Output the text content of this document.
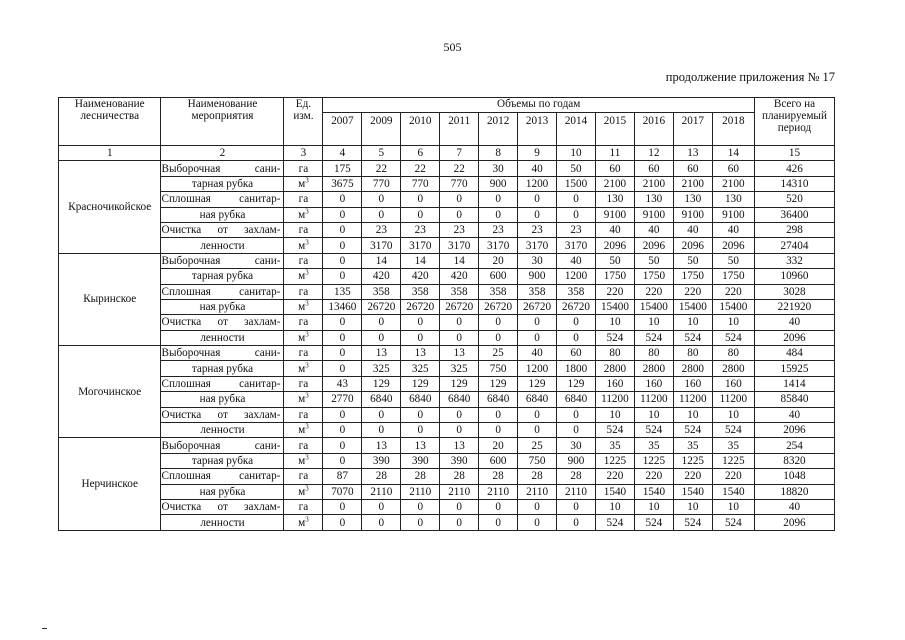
505
продолжение приложения № 17
Наименование лесничества	Наименование мероприятия	Ед. изм.	Объемы по годам											Всего на планируемый период
			2007	2009	2010	2011	2012	2013	2014	2015	2016	2017	2018	
1	2	3	4	5	6	7	8	9	10	11	12	13	14	15
Красночикойское	Выборочная сани-	га	175	22	22	22	30	40	50	60	60	60	60	426
	тарная рубка	$м^3$	3675	770	770	770	900	1200	1500	2100	2100	2100	2100	14310
	Сплошная санитар-	га	0	0	0	0	0	0	0	130	130	130	130	520
	ная рубка	$м^3$	0	0	0	0	0	0	0	9100	9100	9100	9100	36400
	Очистка от захлам-	га	0	23	23	23	23	23	23	40	40	40	40	298
	ленности	$м^3$	0	3170	3170	3170	3170	3170	3170	2096	2096	2096	2096	27404
Кыринское	Выборочная сани-	га	0	14	14	14	20	30	40	50	50	50	50	332
	тарная рубка	$м^3$	0	420	420	420	600	900	1200	1750	1750	1750	1750	10960
	Сплошная санитар-	га	135	358	358	358	358	358	358	220	220	220	220	3028
	ная рубка	$м^3$	13460	26720	26720	26720	26720	26720	26720	15400	15400	15400	15400	221920
	Очистка от захлам-	га	0	0	0	0	0	0	0	10	10	10	10	40
	ленности	$м^3$	0	0	0	0	0	0	0	524	524	524	524	2096
Могочинское	Выборочная сани-	га	0	13	13	13	25	40	60	80	80	80	80	484
	тарная рубка	$м^3$	0	325	325	325	750	1200	1800	2800	2800	2800	2800	15925
	Сплошная санитар-	га	43	129	129	129	129	129	129	160	160	160	160	1414
	ная рубка	$м^3$	2770	6840	6840	6840	6840	6840	6840	11200	11200	11200	11200	85840
	Очистка от захлам-	га	0	0	0	0	0	0	0	10	10	10	10	40
	ленности	$м^3$	0	0	0	0	0	0	0	524	524	524	524	2096
Нерчинское	Выборочная сани-	га	0	13	13	13	20	25	30	35	35	35	35	254
	тарная рубка	$м^3$	0	390	390	390	600	750	900	1225	1225	1225	1225	8320
	Сплошная санитар-	га	87	28	28	28	28	28	28	220	220	220	220	1048
	ная рубка	$м^3$	7070	2110	2110	2110	2110	2110	2110	1540	1540	1540	1540	18820
	Очистка от захлам-	га	0	0	0	0	0	0	0	10	10	10	10	40
	ленности	$м^3$	0	0	0	0	0	0	0	524	524	524	524	2096
